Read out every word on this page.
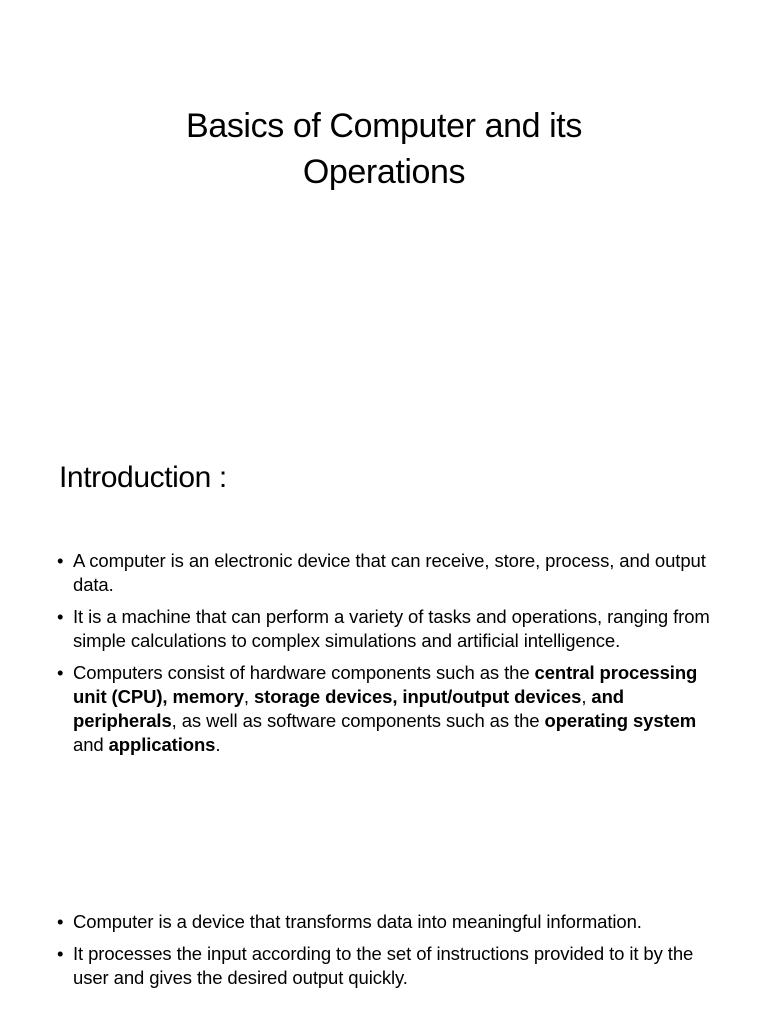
Basics of Computer and its
Operations
Introduction :
• A computer is an electronic device that can receive, store, process, and output data.
• It is a machine that can perform a variety of tasks and operations, ranging from simple calculations to complex simulations and artificial intelligence.
• Computers consist of hardware components such as the central processing unit (CPU), memory, storage devices, input/output devices, and peripherals, as well as software components such as the operating system and applications.
• Computer is a device that transforms data into meaningful information.
• It processes the input according to the set of instructions provided to it by the user and gives the desired output quickly.
